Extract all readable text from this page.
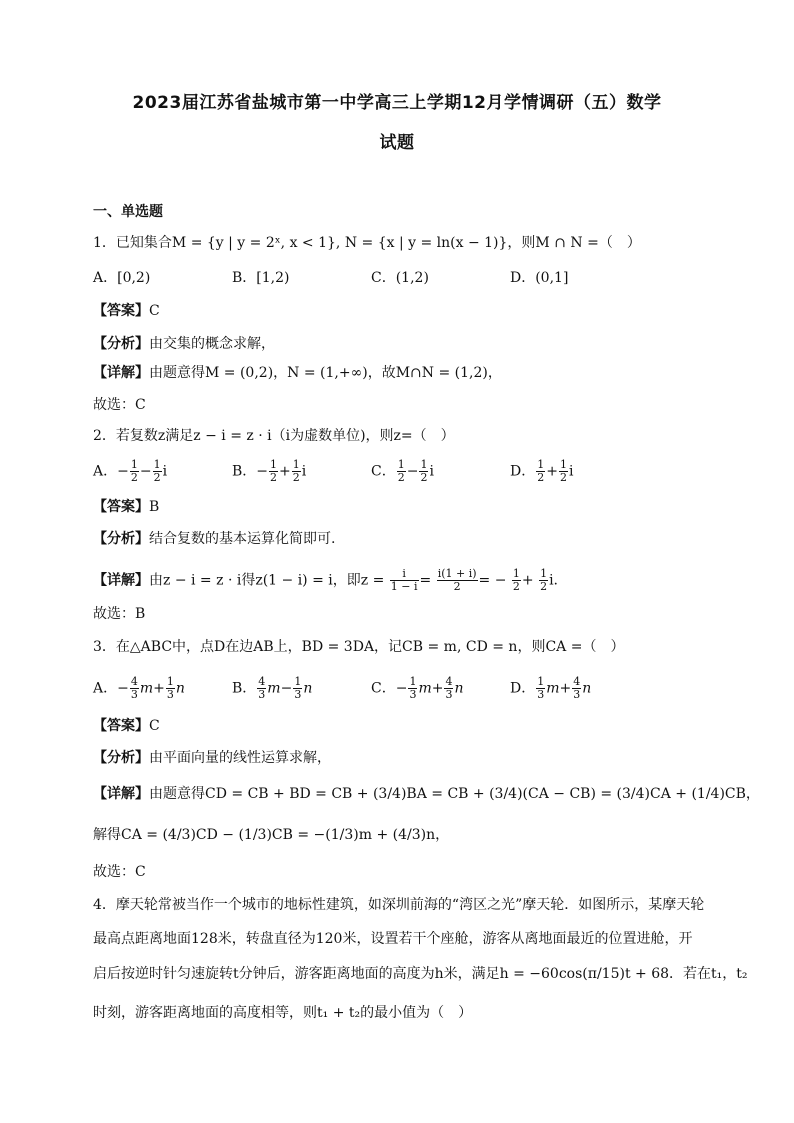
2023届江苏省盐城市第一中学高三上学期12月学情调研（五）数学
试题
一、单选题
1．已知集合M = {y | y = 2ˣ, x < 1}, N = {x | y = ln(x − 1)}，则M ∩ N =（　）
A．[0,2)	B．[1,2)	C．(1,2)	D．(0,1]
【答案】C
【分析】由交集的概念求解，
【详解】由题意得M = (0,2)，N = (1,+∞)，故M∩N = (1,2)，
故选：C
2．若复数z满足z − i = z · i（i为虚数单位)，则z=（　）
A．− $\frac{1}{2} - \frac{1}{2}$ i	B．− $\frac{1}{2} + \frac{1}{2}$ i	C． $\frac{1}{2} - \frac{1}{2}$ i	D． $\frac{1}{2} + \frac{1}{2}$ i
【答案】B
【分析】结合复数的基本运算化简即可.
【详解】由z − i = z · i得z(1 − i) = i，即$z = \frac{i}{1 - i} = \frac{i(1 + i)}{2}$ = − $\frac{1}{2} + \frac{1}{2} i$.
故选：B
3．在△ABC中，点D在边AB上，BD = 3DA，记CB = m, CD = n，则CA =（　）
A．− $\frac{4}{3} m+ \frac{1}{3}$ n	B． $\frac{4}{3} m- \frac{1}{3}$ n	C．− $\frac{1}{3} m+ \frac{4}{3}$ n	D． $\frac{1}{3} m+ \frac{4}{3}$ n
【答案】C
【分析】由平面向量的线性运算求解，
【详解】由题意得CD = CB + BD = CB + (3/4)BA = CB + (3/4)(CA − CB) = (3/4)CA + (1/4)CB，
解得CA = (4/3)CD − (1/3)CB = −(1/3)m + (4/3)n，
故选：C
4．摩天轮常被当作一个城市的地标性建筑，如深圳前海的“湾区之光”摩天轮．如图所示，某摩天轮
最高点距离地面128米，转盘直径为120米，设置若干个座舱，游客从离地面最近的位置进舱，开
启后按逆时针匀速旋转t分钟后，游客距离地面的高度为h米，满足h = −60cos(π/15)t + 68．若在t₁，t₂
时刻，游客距离地面的高度相等，则t₁ + t₂的最小值为（　）
